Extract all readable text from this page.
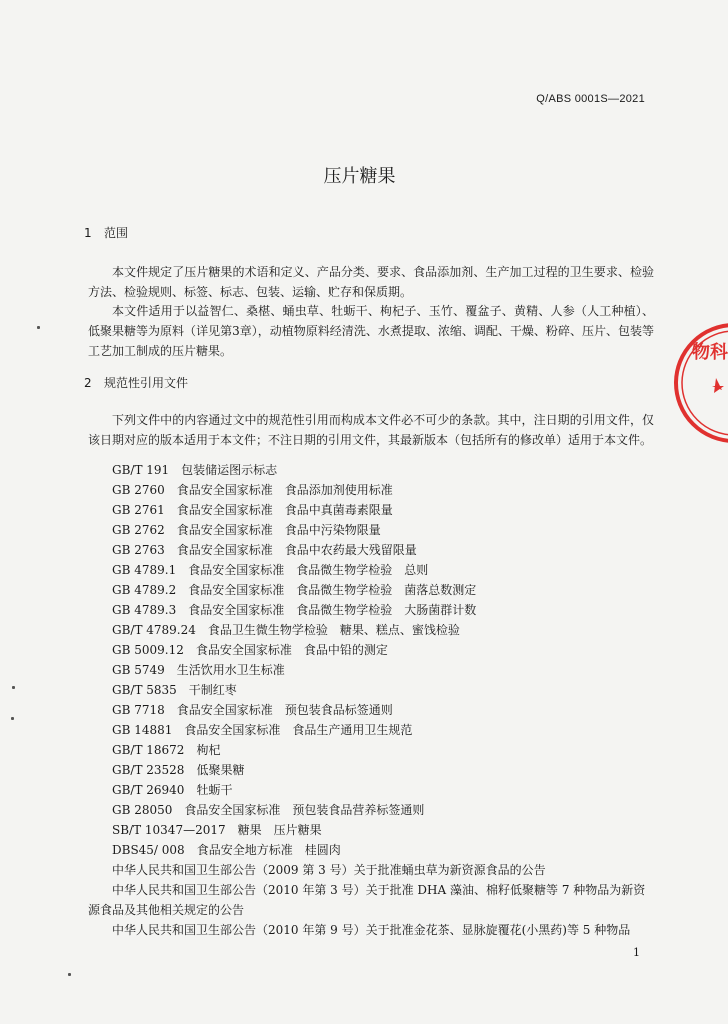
Q/ABS 0001S—2021
压片糖果
1 范围

本文件规定了压片糖果的术语和定义、产品分类、要求、食品添加剂、生产加工过程的卫生要求、检验方法、检验规则、标签、标志、包装、运输、贮存和保质期。

本文件适用于以益智仁、桑椹、蛹虫草、牡蛎干、枸杞子、玉竹、覆盆子、黄精、人参（人工种植）、低聚果糖等为原料（详见第3章），动植物原料经清洗、水煮提取、浓缩、调配、干燥、粉碎、压片、包装等工艺加工制成的压片糖果。

2 规范性引用文件

下列文件中的内容通过文中的规范性引用而构成本文件必不可少的条款。其中，注日期的引用文件，仅该日期对应的版本适用于本文件；不注日期的引用文件，其最新版本（包括所有的修改单）适用于本文件。

GB/T 191　包装储运图示标志
GB 2760　食品安全国家标准　食品添加剂使用标准
GB 2761　食品安全国家标准　食品中真菌毒素限量
GB 2762　食品安全国家标准　食品中污染物限量
GB 2763　食品安全国家标准　食品中农药最大残留限量
GB 4789.1　食品安全国家标准　食品微生物学检验　总则
GB 4789.2　食品安全国家标准　食品微生物学检验　菌落总数测定
GB 4789.3　食品安全国家标准　食品微生物学检验　大肠菌群计数
GB/T 4789.24　食品卫生微生物学检验　糖果、糕点、蜜饯检验
GB 5009.12　食品安全国家标准　食品中铅的测定
GB 5749　生活饮用水卫生标准
GB/T 5835　干制红枣
GB 7718　食品安全国家标准　预包装食品标签通则
GB 14881　食品安全国家标准　食品生产通用卫生规范
GB/T 18672　枸杞
GB/T 23528　低聚果糖
GB/T 26940　牡蛎干
GB 28050　食品安全国家标准　预包装食品营养标签通则
SB/T 10347—2017　糖果　压片糖果
DBS45/ 008　食品安全地方标准　桂圆肉
中华人民共和国卫生部公告（2009 第 3 号）关于批准蛹虫草为新资源食品的公告
中华人民共和国卫生部公告（2010 年第 3 号）关于批准 DHA 藻油、棉籽低聚糖等 7 种物品为新资
源食品及其他相关规定的公告
中华人民共和国卫生部公告（2010 年第 9 号）关于批准金花茶、显脉旋覆花(小黑药)等 5 种物品
1
物科
